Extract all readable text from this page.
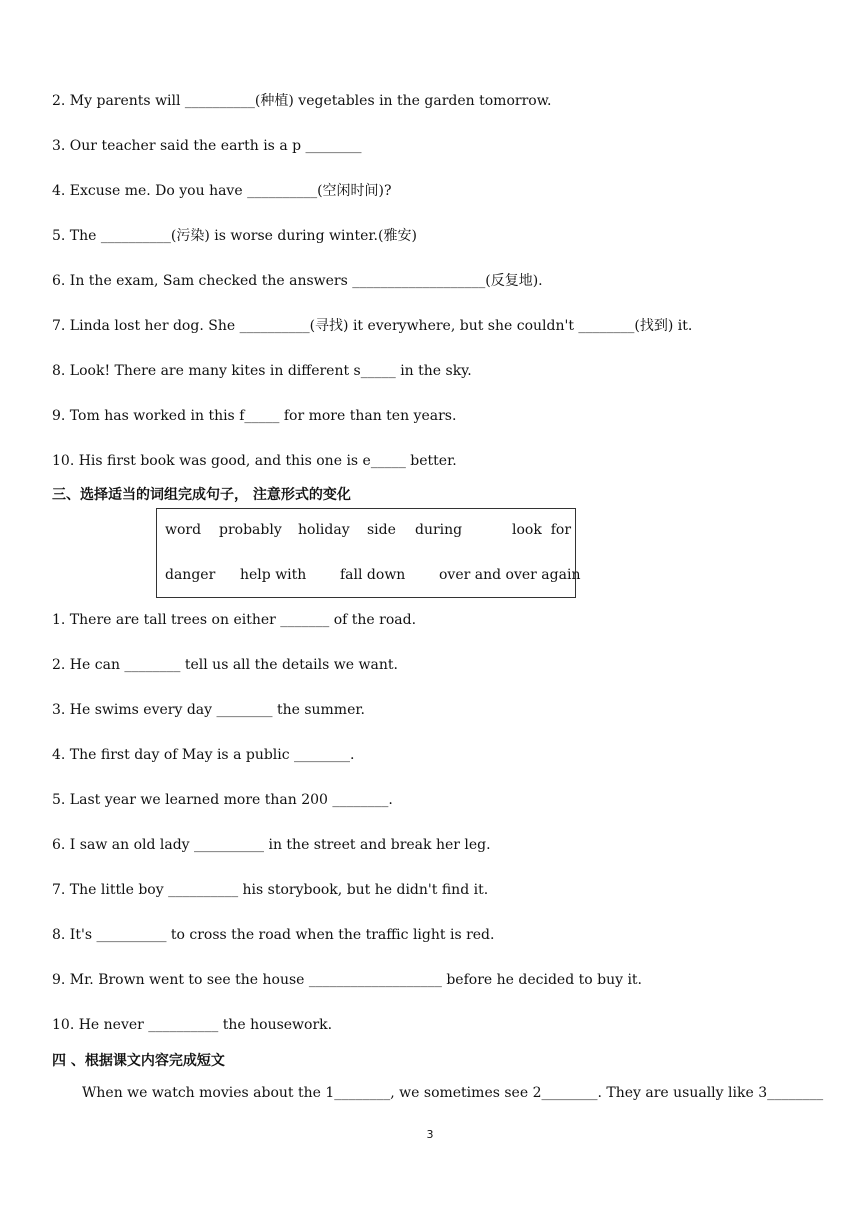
2. My parents will __________(种植) vegetables in the garden tomorrow.
3. Our teacher said the earth is a p ________
4. Excuse me. Do you have __________(空闲时间)?
5. The __________(污染) is worse during winter.(雅安)
6. In the exam, Sam checked the answers ___________________(反复地).
7. Linda lost her dog. She __________(寻找) it everywhere, but she couldn't ________(找到) it.
8. Look! There are many kites in different s_____ in the sky.
9. Tom has worked in this f_____ for more than ten years.
10. His first book was good, and this one is e_____ better.
三、选择适当的词组完成句子， 注意形式的变化
word probably holiday side during	look  for
danger help with fall down over and over again
1. There are tall trees on either _______ of the road.
2. He can ________ tell us all the details we want.
3. He swims every day ________ the summer.
4. The first day of May is a public ________.
5. Last year we learned more than 200 ________.
6. I saw an old lady __________ in the street and break her leg.
7. The little boy __________ his storybook, but he didn't find it.
8. It's __________ to cross the road when the traffic light is red.
9. Mr. Brown went to see the house ___________________ before he decided to buy it.
10. He never __________ the housework.
四 、根据课文内容完成短文
When we watch movies about the 1________, we sometimes see 2________. They are usually like 3________
3
